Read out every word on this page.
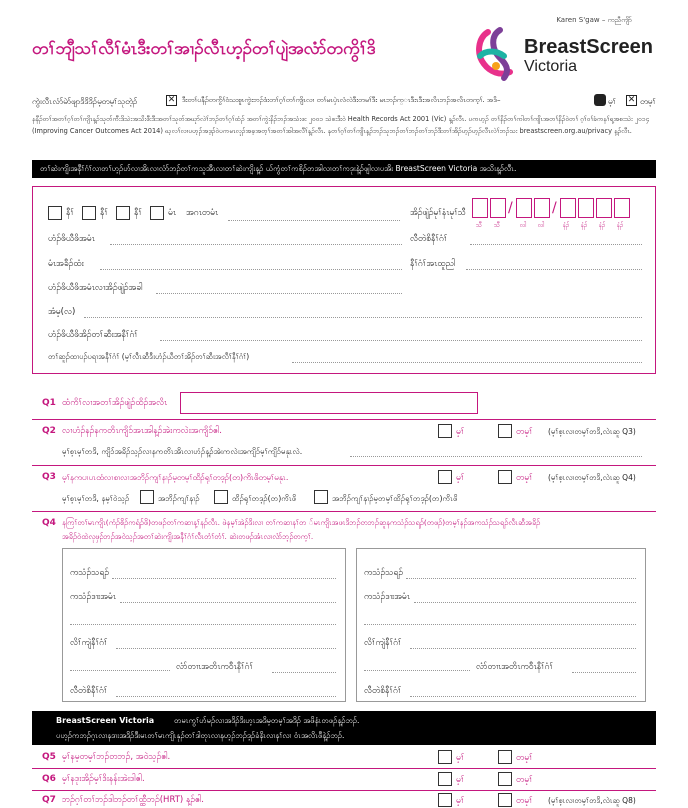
Karen S'gaw – ကညီကျိာ်
တၢ်ဘျီသၢ်လီၢ်မံၤဒီးတၢ်အၢၣ်လီၤဟ့ၣ်တၢ်ပျဲအလံာ်တကွိၢ်ဒိ	BreastScreen
Victoria
ကွဲးလီၤလံာ်မဲာ်ဖျာဒိဒိဒိၣ်မ့တမ့ၢ်သုတဲ့ၣ်	✕ ဒီးတၢ်ပနီၣ်တကွိၢ်ဝံသးစူၤကွဲးဘၣ်ဒံးတၢ်ဂ့ၢ်တၢ်ကျိၤလၢ တၢ်မၤပှဲၤလံလဲဒီးတမၢ်ဒီး မၤဘၣ်က္ၤဒီးၤဒီးအလိၤဘၣ်အလိၤတက့ၢ်. အဒိ–	မ့ၢ် ✕ တမ့ၢ်
နနီၣ်တၢ်အတၢ်ဂ့ၢ်တၢ်ကျိၤန့ၣ်သုတ်ကီးဒိသဲးအသိးဖီးဒီးအတၢ်သုတ်အဃုာ်လဲၢ်ဘၣ်တၢ်ဂ့ၢ်ထံၣ် အတၢ်ကွဲးနိၣ်ဘၣ်အသံးဖး ၂၀၀၁ သဲစးဒီးဝဲ Health Records Act 2001 (Vic) န့ၣ်လီၤ. ပကဟ့ၣ် တၢ်နိၣ်တၢ်ကါတၢ်ကျိၤအတၢ်နိၣ်ဝဲတၢ် ဂ့ၢ်ဝၢ်ခံကနၢ်ရ့အစးသဲး ၂၀၁၄ (Improving Cancer Outcomes Act 2014) ဃ့လၢ်လၢပဟ့ၣ်အဒ့ၣ်ဝဲပကမၤလုၣ်အခ့အတ့ၢ်အတၢ်အါအလီၢ်န့ၣ်လီၤ. နတၢ်ဂ့ၢ်တၢ်ကျိၤန့ၣ်ဘၣ်သုဘၣ်တၢ်ဘၣ်တၢ်ဘၣ်ဒီးတၢ်အိၣ်ဟ့ၣ်ဟ့ၣ်လီၤလဲၢ်ဘၣ်သး breastscreen.org.au/privacy န့ၣ်လီၤ.
တၢ်ဆဲးကျိးအနီၢ်ဂံၢ်လၢတၢ်ဟ့ၣ်ဟ်လၢအိၤလၢလံာ်ဘၣ်တၢ်ကသူအီၤလၢတၢ်ဆဲးကျိးန့ၣ် ယ်ကွံတၢ်ကစိၣ်တအါလၢတၢ်ကဒုးနဲ့ၣ်ဖျါလၢပအိး BreastScreen Victoria အသိးန့ၣ်လီၤ.
နီၢ်	နီၢ်	နီၢ်	မံၤ အဂၤတမံၤ	အိၣ်ဖျဲၣ်မုၢ်နံၤမုၢ်သီ	/	/
သီ သီ	လါ လါ	နံၣ် နံၣ် နံၣ် နံၣ်
ဟံၣ်ဖိယီဖိအမံၤ	လီတဲစိနီၢ်ဂံၢ်
မံၤအခီၣ်ထံး	နီၢ်ဂံၢ်အၤထူညါ
ဟံၣ်ဖိယီဖိအမံၤလၢအိၣ်ဖျဲၣ်အခါ
အံမ့(လ)
ဟံၣ်ဖိယီဖိအိၣ်တၢ်ဆီးအနီၢ်ဂံၢ်
တၢ်ဆူၣ်ထၢပၣ်ပရၢအနီၢ်ဂံၢ် (မ့ၢ်လီၤဆီဒီးဟံၣ်ယီတၢ်အိၣ်တၢ်ဆီးအလီၢ်နီၢ်ဂံၢ်)
Q1 ထံကိၢ်လၢအတၢ်အိၣ်ဖျဲၣ်ထိၣ်အလိၤ
Q2 လၢဟံၣ်နၣ်နကတိၤကျိၥ်အၤအါန့ၣ်အဲးကလဲးအကျိၥ်ဧါ.	မ့ၢ်	တမ့ၢ် (မ့ၢ်စ့ၤလၢတမ့ၢ်တဒိ,လဲၤဆူ Q3)
မ့ၢ်စ့ၤမ့ၢ်တဒိ, ကျိၥ်အခိၣ်သ့ၣ်လၢနကတိၤအိၤလၢဟံၣ်န့ၣ်အဲးကလဲးအကျိၥ်မ့ၢ်ကျိၥ်မနုၤလဲ.
Q3 မ့ၢ်နကပၢပၤထံလၢစၢလၢအဘိၣ်ကျၢ်နၢၣ်မ့တမ့ၢ်ထိၣ်ရုၢ်တဒ့ၣ်(တ)ကိၤဖိတမ့ၢ်မနုၤ.	မ့ၢ်	တမ့ၢ် (မ့ၢ်စ့ၤလၢတမ့ၢ်တဒိ,လဲၤဆူ Q4)
မ့ၢ်စ့ၤမ့ၢ်တဒိ, နမ့ၢ်ဝဲသ့ၣ်	အဘိၣ်ကျၢ်နၢၣ်	ထိၣ်ရုၢ်တဒ့ၣ်(တ)ကိၤဖိ	အဘိၣ်ကျၢ်နၢၣ်မ့တမ့ၢ်ထိၣ်ရုၢ်တဒ့ၣ်(တ)ကိၤဖိ
Q4 နကြၢ်တၢ်မၤကျိၤ(ကံၣ်စိၣ်ကရံၣ်ဖိ)တဖၣ်တၢ်ကဆၢန့ၢ်နၣ်လီၤ. ဖဲနမ့ၢ်အဲၣ်ဒိးလၢ တၢ်ကဆၢနၢ်တ ်မၤကျိၤအဖၤဒိဘၣ်တဘၣ်ဆူနကသံၣ်သရၣ်(တဖၣ်)တမ့ၢ်နၣ်အကသံၣ်သရၣ်လီၤဆီအခိၣ်
အခိၣ်ဝဲထဲလုဖှၣ်ဘၣ်အဝဲသ့ၣ်အတၢ်ဆဲးကျိးအနီၢ်ဂံၢ်လီၤတံၢ်တံၢ်. ဆဲးတဖၣ်အံၤလၢလံာ်ဘ့ၣ်တက့ၢ်.
ကသံၣ်သရၣ်
ကသံၣ်ဒၢးအမံၤ
လိၢ်ကျဲနီၢ်ဂံၢ်
လံာ်တၢၤအတိၤကဝီၤနီၢ်ဂံၢ်
လီတဲစိနီၢ်ဂံၢ်
ကသံၣ်သရၣ်
ကသံၣ်ဒၢးအမံၤ
လိၢ်ကျဲနီၢ်ဂံၢ်
လံာ်တၢၤအတိၤကဝီၤနီၢ်ဂံၢ်
လီတဲစိနီၢ်ဂံၢ်
BreastScreen Victoria	တမၤကွၢ်ဟ်မၣ်လၢအဒိၣ်ဒိးဟ့ၤအဒိမ့တမ့ၢ်အဒိၣ် အဖိနံၤတဖၣ်န့ၣ်ဘၣ်.
ပဟ့ၣ်ကဘၣ်ဂ့ၤလၢနဒၢးအဒိၣ်ဒီးမၤတၢ်မၤကျိၤနုၣ်တၢ်ဒါတုၤလၢနဟ့ၣ်ဘၣ်ဒ့ၣ်ခံနိၤလၢနၢ်လၢ ဝံၤအလိၤဖီနဲ့ၣ်ဘၣ်.
Q5 မ့ၢ်နမ့တမ့ၢ်ဘၣ်တဘၣ်, အဝဲသ့ၣ်ဧါ.	မ့ၢ်	တမ့ၢ်
Q6 မ့ၢ်နဒုးအိၣ်မ့ၢ်ဒိးနန်းအဲးဒါဧါ.	မ့ၢ်	တမ့ၢ်
Q7 ဘၣ်ဂ့ၢ်တၢ်ဘၣ်ဒါဘၣ်တၢ်ထ္ထီဘၣ်(HRT) န့ၣ်ဧါ.	မ့ၢ်	တမ့ၢ် (မ့ၢ်စ့ၤလၢတမ့ၢ်တဒိ,လဲၤဆူ Q8)
